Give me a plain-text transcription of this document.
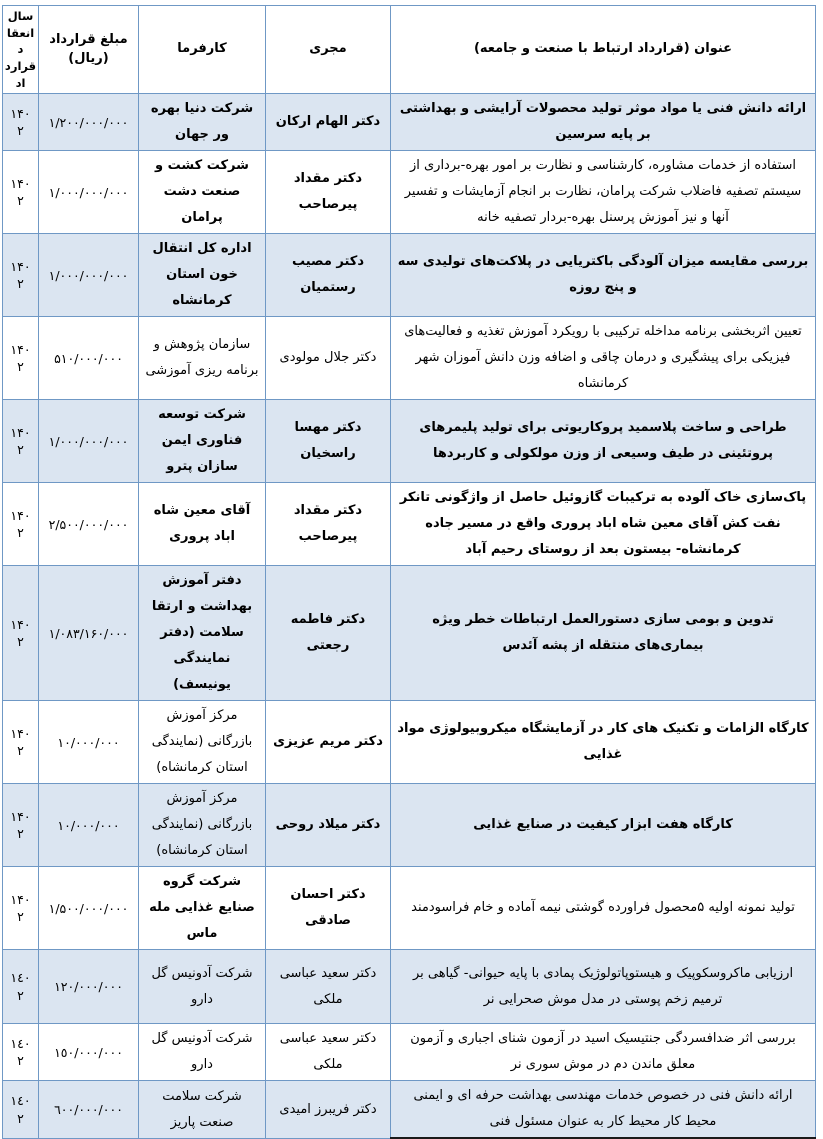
عنوان (قرارداد ارتباط با صنعت و جامعه)	مجری	کارفرما	مبلغ قرارداد (ریال)	سال انعقاد قرارداد
ارائه دانش فنی یا مواد موثر تولید محصولات آرایشی و بهداشتی بر پایه سرسین	دکتر الهام ارکان	شرکت دنیا بهره ور جهان	۱/۲۰۰/۰۰۰/۰۰۰	۱۴۰۲
استفاده از خدمات مشاوره، کارشناسی و نظارت بر امور بهره-برداری از سیستم تصفیه فاضلاب شرکت پرامان، نظارت بر انجام آزمایشات و تفسیر آنها و نیز آموزش پرسنل بهره-بردار تصفیه خانه	دکتر مقداد پیرصاحب	شرکت کشت و صنعت دشت پرامان	۱/۰۰۰/۰۰۰/۰۰۰	۱۴۰۲
بررسی مقایسه میزان آلودگی باکتریایی در پلاکت‌های تولیدی سه و پنج روزه	دکتر مصیب رستمیان	اداره کل انتقال خون استان کرمانشاه	۱/۰۰۰/۰۰۰/۰۰۰	۱۴۰۲
تعیین اثربخشی برنامه مداخله ترکیبی با رویکرد آموزش تغذیه و فعالیت‌های فیزیکی برای پیشگیری و درمان چاقی و اضافه وزن دانش آموزان شهر کرمانشاه	دکتر جلال مولودی	سازمان پژوهش و برنامه ریزی آموزشی	۵۱۰/۰۰۰/۰۰۰	۱۴۰۲
طراحی و ساخت پلاسمید پروکاریوتی برای تولید پلیمرهای پروتئینی در طیف وسیعی از وزن مولکولی و کاربردها	دکتر مهسا راسخیان	شرکت توسعه فناوری ایمن سازان پترو	۱/۰۰۰/۰۰۰/۰۰۰	۱۴۰۲
پاک‌سازی خاک آلوده به ترکیبات گازوئیل حاصل از واژگونی تانکر نفت کش آقای معین شاه اباد پروری واقع در مسیر جاده کرمانشاه- بیستون بعد از روستای رحیم آباد	دکتر مقداد پیرصاحب	آقای معین شاه اباد پروری	۲/۵۰۰/۰۰۰/۰۰۰	۱۴۰۲
تدوین و بومی سازی دستورالعمل ارتباطات خطر ویژه بیماری‌های منتقله از پشه آئدس	دکتر فاطمه رجعتی	دفتر آموزش بهداشت و ارتقا سلامت (دفتر نمایندگی یونیسف)	۱/۰۸۳/۱۶۰/۰۰۰	۱۴۰۲
کارگاه الزامات و تکنیک های کار در آزمایشگاه میکروبیولوژی مواد غذایی	دکتر مریم عزیزی	مرکز آموزش بازرگانی (نمایندگی استان کرمانشاه)	۱۰/۰۰۰/۰۰۰	۱۴۰۲
کارگاه هفت ابزار کیفیت در صنایع غذایی	دکتر میلاد روحی	مرکز آموزش بازرگانی (نمایندگی استان کرمانشاه)	۱۰/۰۰۰/۰۰۰	۱۴۰۲
تولید نمونه اولیه ۵محصول فراورده گوشتی نیمه آماده و خام فراسودمند	دکتر احسان صادقی	شرکت گروه صنایع غذایی مله ماس	۱/۵۰۰/۰۰۰/۰۰۰	۱۴۰۲
ارزیابی ماکروسکوپیک و هیستوپاتولوژیک پمادی با پایه حیوانی- گیاهی بر ترمیم زخم پوستی در مدل موش صحرایی نر	دکتر سعید عباسی ملکی	شرکت آدونیس گل دارو	١٢٠/٠٠٠/٠٠٠	١٤٠٢
بررسی اثر ضدافسردگی جنتیسیک اسید در آزمون شنای اجباری و آزمون معلق ماندن دم در موش سوری نر	دکتر سعید عباسی ملکی	شرکت آدونیس گل دارو	١٥٠/٠٠٠/٠٠٠	١٤٠٢
ارائه دانش فنی در خصوص خدمات مهندسی بهداشت حرفه ای و ایمنی محیط کار محیط کار به عنوان مسئول فنی	دکتر فریبرز امیدی	شرکت سلامت صنعت پاریز	٦٠٠/٠٠٠/٠٠٠	١٤٠٢
